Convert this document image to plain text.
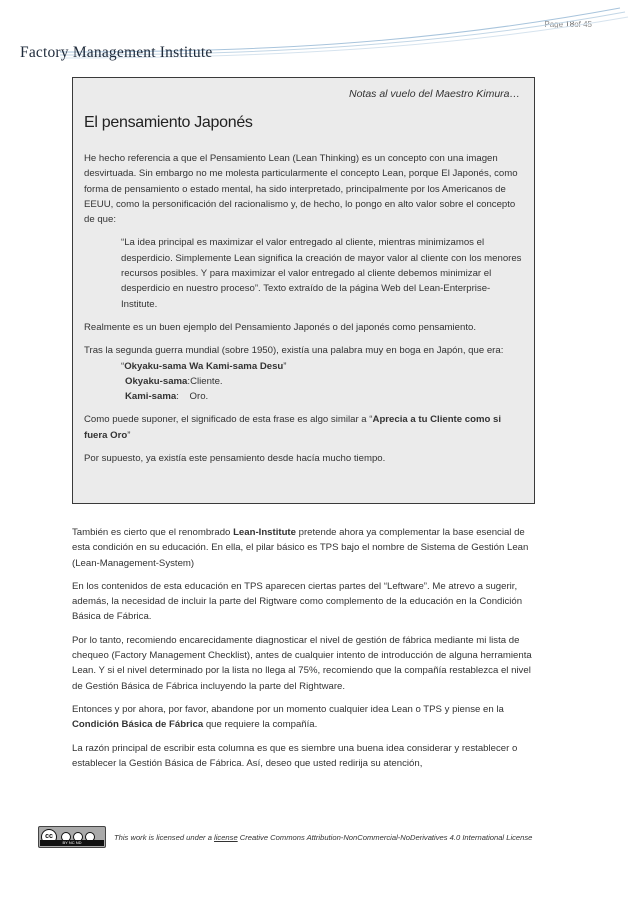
Page 18of 45
Factory Management Institute
Notas al vuelo del Maestro Kimura…
El pensamiento Japonés

He hecho referencia a que el Pensamiento Lean (Lean Thinking) es un concepto con una imagen desvirtuada. Sin embargo no me molesta particularmente el concepto Lean, porque El Japonés, como forma de pensamiento o estado mental, ha sido interpretado, principalmente por los Americanos de EEUU, como la personificación del racionalismo y, de hecho, lo pongo en alto valor sobre el concepto de que:

“La idea principal es maximizar el valor entregado al cliente, mientras minimizamos el desperdicio. Simplemente Lean significa la creación de mayor valor al cliente con los menores recursos posibles. Y para maximizar el valor entregado al cliente debemos minimizar el desperdicio en nuestro proceso”. Texto extraído de la página Web del Lean-Enterprise-Institute.

Realmente es un buen ejemplo del Pensamiento Japonés o del japonés como pensamiento.

Tras la segunda guerra mundial (sobre 1950), existía una palabra muy en boga en Japón, que era:
“Okyaku-sama Wa Kami-sama Desu”
Okyaku-sama:Cliente.
Kami-sama:    Oro.

Como puede suponer, el significado de esta frase es algo similar a “Aprecia a tu Cliente como si fuera Oro”

Por supuesto, ya existía este pensamiento desde hacía mucho tiempo.

También es cierto que el renombrado Lean-Institute pretende ahora ya complementar la base esencial de esta condición en su educación. En ella, el pilar básico es TPS bajo el nombre de Sistema de Gestión Lean (Lean-Management-System)

En los contenidos de esta educación en TPS aparecen ciertas partes del “Leftware”. Me atrevo a sugerir, además, la necesidad de incluir la parte del Rigtware como complemento de la educación en la Condición Básica de Fábrica.

Por lo tanto, recomiendo encarecidamente diagnosticar el nivel de gestión de fábrica mediante mi lista de chequeo (Factory Management Checklist), antes de cualquier intento de introducción de alguna herramienta Lean. Y si el nivel determinado por la lista no llega al 75%, recomiendo que la compañía restablezca el nivel de Gestión Básica de Fábrica incluyendo la parte del Rightware.

Entonces y por ahora, por favor, abandone por un momento cualquier idea Lean o TPS y piense en la Condición Básica de Fábrica que requiere la compañía.

La razón principal de escribir esta columna es que es siembre una buena idea considerar y restablecer o establecer la Gestión Básica de Fábrica. Así, deseo que usted redirija su atención,

cc
BY NC ND
This work is licensed under a license Creative Commons Attribution-NonCommercial-NoDerivatives 4.0 International License
